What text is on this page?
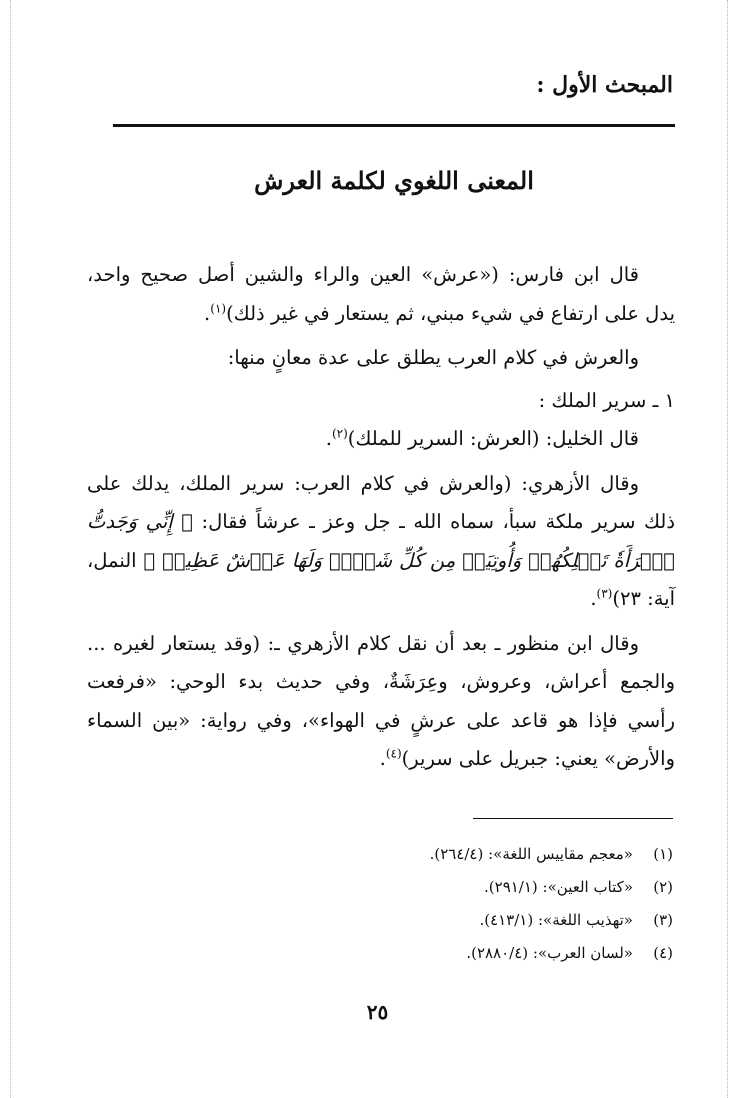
المبحث الأول :
المعنى اللغوي لكلمة العرش

قال ابن فارس: («عرش» العين والراء والشين أصل صحيح واحد، يدل على ارتفاع في شيء مبني، ثم يستعار في غير ذلك)$^{(١)}$.

والعرش في كلام العرب يطلق على عدة معانٍ منها:

١ ـ سرير الملك :

قال الخليل: (العرش: السرير للملك)$^{(٢)}$.

وقال الأزهري: (والعرش في كلام العرب: سرير الملك، يدلك على ذلك سرير ملكة سبأ، سماه الله ـ جل وعز ـ عرشاً فقال: ﴿ إِنِّي وَجَدتُّ ٱمۡرَأَةٗ تَمۡلِكُهُمۡ وَأُوتِيَتۡ مِن كُلِّ شَيۡءٖ وَلَهَا عَرۡشٌ عَظِيمٞ ﴾ النمل، آية: ٢٣)$^{(٣)}$.

وقال ابن منظور ـ بعد أن نقل كلام الأزهري ـ: (وقد يستعار لغيره ... والجمع أعراش، وعروش، وعِرَشَةٌ، وفي حديث بدء الوحي: «فرفعت رأسي فإذا هو قاعد على عرشٍ في الهواء»، وفي رواية: «بين السماء والأرض» يعني: جبريل على سرير)$^{(٤)}$.

(١)«معجم مقاييس اللغة»: (٢٦٤/٤).
(٢)«كتاب العين»: (٢٩١/١).
(٣)«تهذيب اللغة»: (٤١٣/١).
(٤)«لسان العرب»: (٢٨٨٠/٤).
٢٥
